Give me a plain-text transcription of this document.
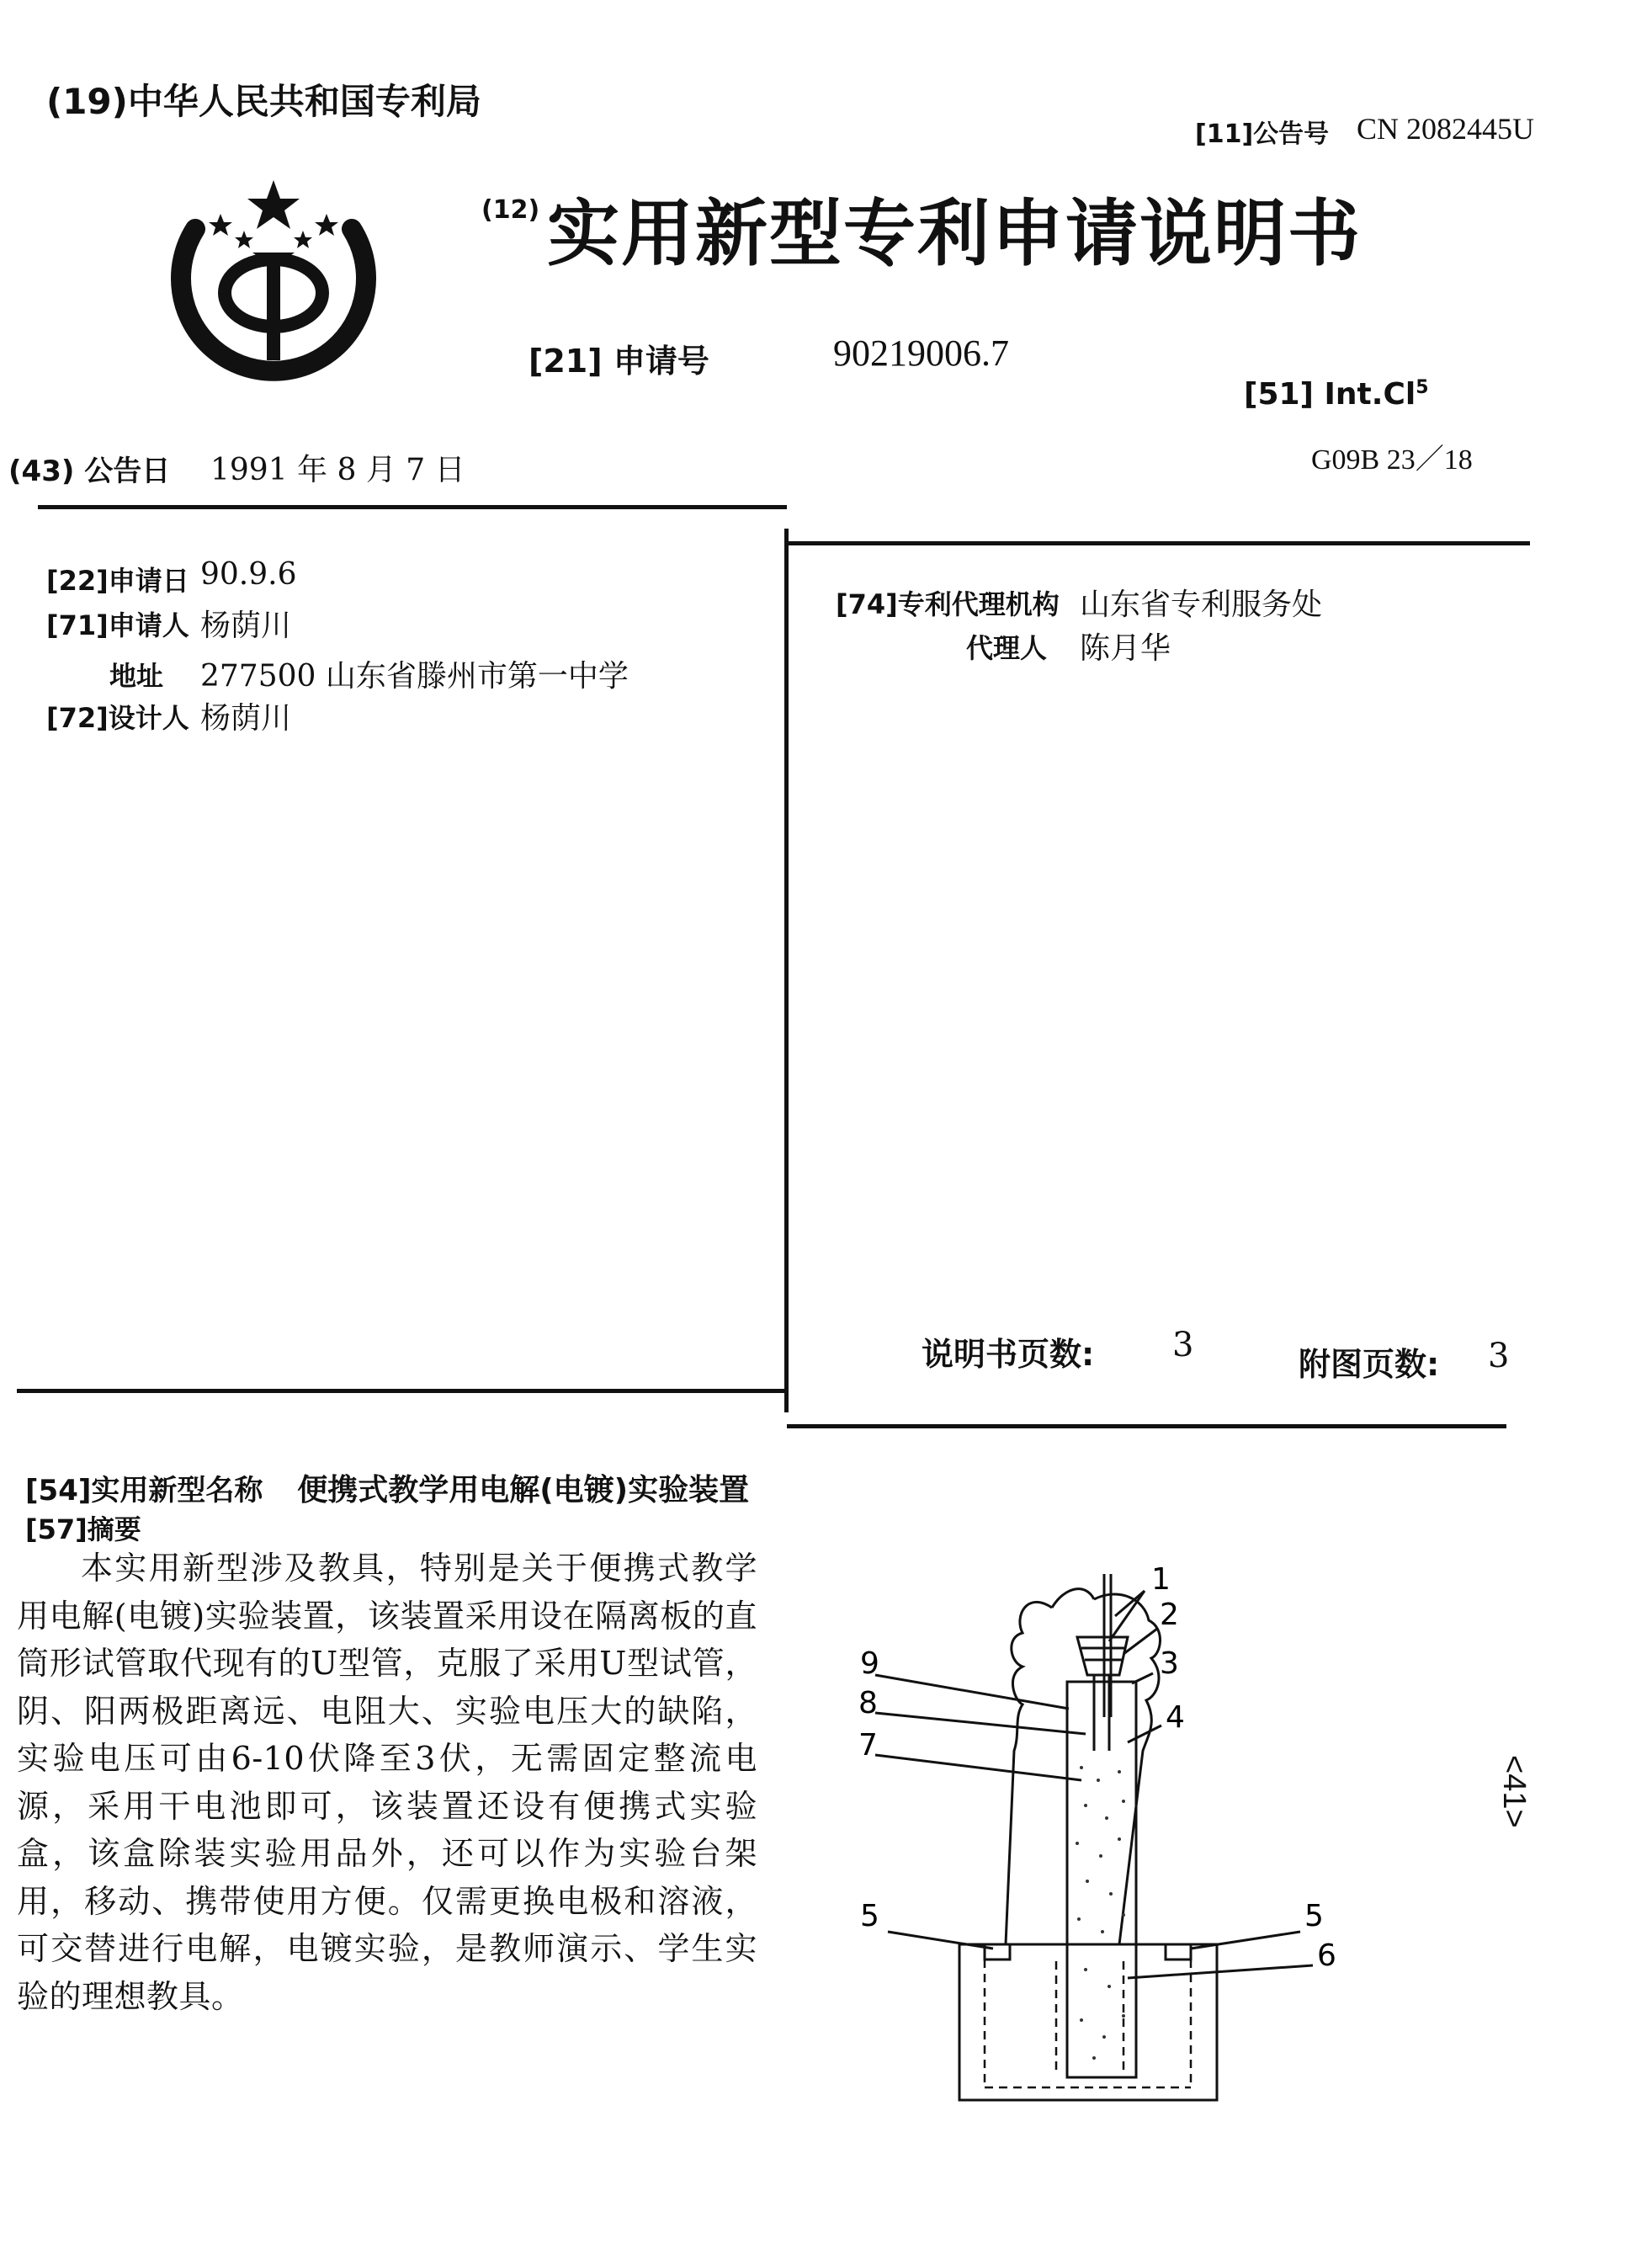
(19)中华人民共和国专利局
[11]公告号 CN 2082445U
(12) 实用新型专利申请说明书
[21] 申请号	90219006.7
[51] Int.Cl$^5$
G09B 23／18
(43) 公告日 1991 年 8 月 7 日
[22]申请日 90.9.6
[71]申请人 杨荫川
地址 277500 山东省滕州市第一中学
[72]设计人 杨荫川
[74]专利代理机构 山东省专利服务处
代理人 陈月华
说明书页数: 3	附图页数: 3
[54]实用新型名称 便携式教学用电解(电镀)实验装置
[57]摘要
本实用新型涉及教具，特别是关于便携式教学用电解(电镀)实验装置，该装置采用设在隔离板的直筒形试管取代现有的U型管，克服了采用U型试管，阴、阳两极距离远、电阻大、实验电压大的缺陷，实验电压可由6-10伏降至3伏，无需固定整流电源，采用干电池即可，该装置还设有便携式实验盒，该盒除装实验用品外，还可以作为实验台架用，移动、携带使用方便。仅需更换电极和溶液，可交替进行电解，电镀实验，是教师演示、学生实验的理想教具。
1
2
3
4
5	5
6
7
8
9
<41>
